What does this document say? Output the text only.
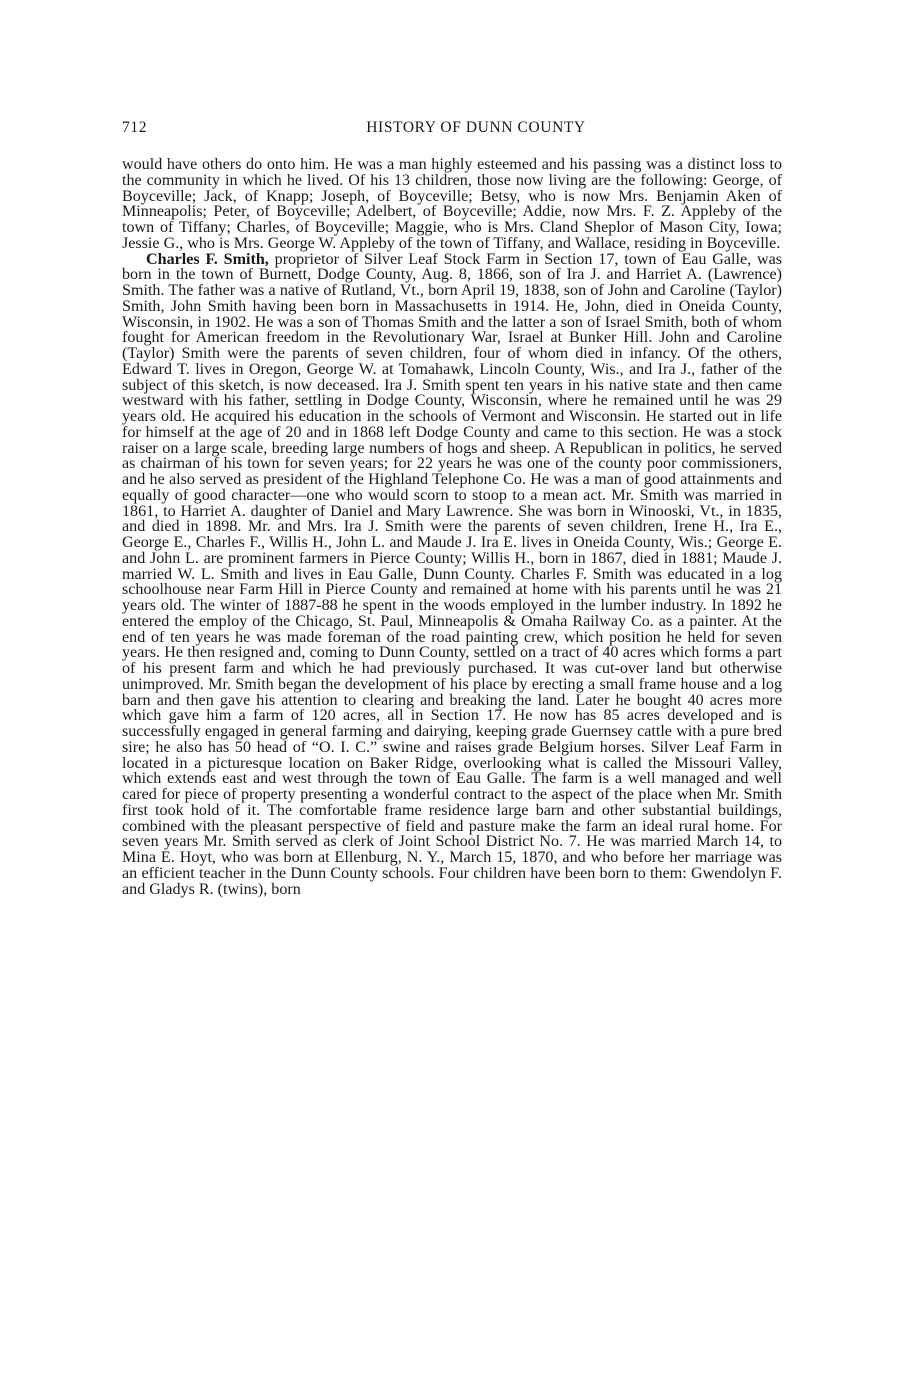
712	HISTORY OF DUNN COUNTY

would have others do onto him. He was a man highly esteemed and his passing was a distinct loss to the community in which he lived. Of his 13 children, those now living are the following: George, of Boyceville; Jack, of Knapp; Joseph, of Boyceville; Betsy, who is now Mrs. Benjamin Aken of Minneapolis; Peter, of Boyceville; Adelbert, of Boyceville; Addie, now Mrs. F. Z. Appleby of the town of Tiffany; Charles, of Boyceville; Maggie, who is Mrs. Cland Sheplor of Mason City, Iowa; Jessie G., who is Mrs. George W. Appleby of the town of Tiffany, and Wallace, residing in Boyceville.

Charles F. Smith, proprietor of Silver Leaf Stock Farm in Section 17, town of Eau Galle, was born in the town of Burnett, Dodge County, Aug. 8, 1866, son of Ira J. and Harriet A. (Lawrence) Smith. The father was a native of Rutland, Vt., born April 19, 1838, son of John and Caroline (Taylor) Smith, John Smith having been born in Massachusetts in 1914. He, John, died in Oneida County, Wisconsin, in 1902. He was a son of Thomas Smith and the latter a son of Israel Smith, both of whom fought for American freedom in the Revolutionary War, Israel at Bunker Hill. John and Caroline (Taylor) Smith were the parents of seven children, four of whom died in infancy. Of the others, Edward T. lives in Oregon, George W. at Tomahawk, Lincoln County, Wis., and Ira J., father of the subject of this sketch, is now deceased. Ira J. Smith spent ten years in his native state and then came westward with his father, settling in Dodge County, Wisconsin, where he remained until he was 29 years old. He acquired his education in the schools of Vermont and Wisconsin. He started out in life for himself at the age of 20 and in 1868 left Dodge County and came to this section. He was a stock raiser on a large scale, breeding large numbers of hogs and sheep. A Republican in politics, he served as chairman of his town for seven years; for 22 years he was one of the county poor commissioners, and he also served as president of the Highland Telephone Co. He was a man of good attainments and equally of good character—one who would scorn to stoop to a mean act. Mr. Smith was married in 1861, to Harriet A. daughter of Daniel and Mary Lawrence. She was born in Winooski, Vt., in 1835, and died in 1898. Mr. and Mrs. Ira J. Smith were the parents of seven children, Irene H., Ira E., George E., Charles F., Willis H., John L. and Maude J. Ira E. lives in Oneida County, Wis.; George E. and John L. are prominent farmers in Pierce County; Willis H., born in 1867, died in 1881; Maude J. married W. L. Smith and lives in Eau Galle, Dunn County. Charles F. Smith was educated in a log schoolhouse near Farm Hill in Pierce County and remained at home with his parents until he was 21 years old. The winter of 1887-88 he spent in the woods employed in the lumber industry. In 1892 he entered the employ of the Chicago, St. Paul, Minneapolis & Omaha Railway Co. as a painter. At the end of ten years he was made foreman of the road painting crew, which position he held for seven years. He then resigned and, coming to Dunn County, settled on a tract of 40 acres which forms a part of his present farm and which he had previously purchased. It was cut-over land but otherwise unimproved. Mr. Smith began the development of his place by erecting a small frame house and a log barn and then gave his attention to clearing and breaking the land. Later he bought 40 acres more which gave him a farm of 120 acres, all in Section 17. He now has 85 acres developed and is successfully engaged in general farming and dairying, keeping grade Guernsey cattle with a pure bred sire; he also has 50 head of “O. I. C.” swine and raises grade Belgium horses. Silver Leaf Farm in located in a picturesque location on Baker Ridge, overlooking what is called the Missouri Valley, which extends east and west through the town of Eau Galle. The farm is a well managed and well cared for piece of property presenting a wonderful contract to the aspect of the place when Mr. Smith first took hold of it. The comfortable frame residence large barn and other substantial buildings, combined with the pleasant perspective of field and pasture make the farm an ideal rural home. For seven years Mr. Smith served as clerk of Joint School District No. 7. He was married March 14, to Mina E. Hoyt, who was born at Ellenburg, N. Y., March 15, 1870, and who before her marriage was an efficient teacher in the Dunn County schools. Four children have been born to them: Gwendolyn F. and Gladys R. (twins), born
